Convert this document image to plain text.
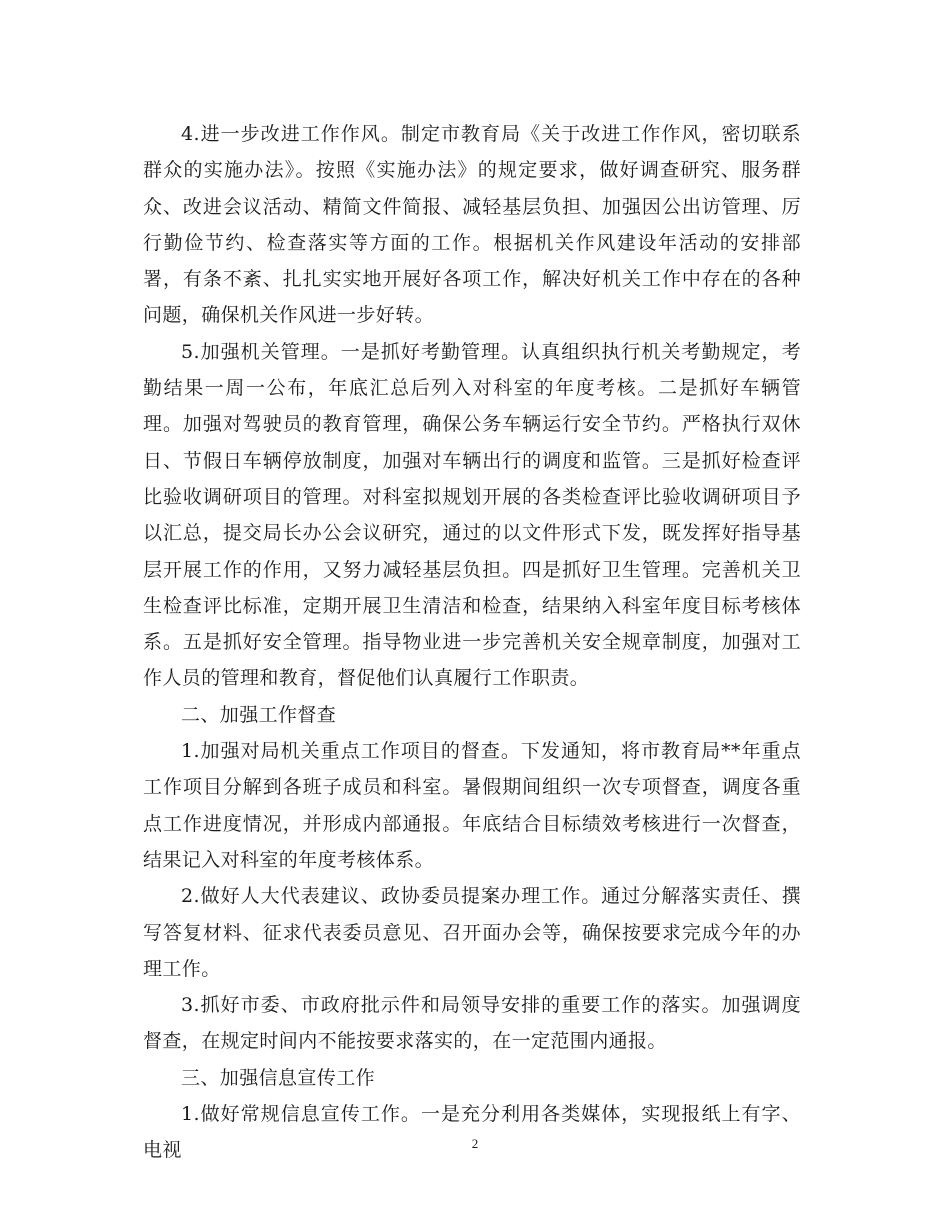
4.进一步改进工作作风。制定市教育局《关于改进工作作风，密切联系群众的实施办法》。按照《实施办法》的规定要求，做好调查研究、服务群众、改进会议活动、精简文件简报、减轻基层负担、加强因公出访管理、厉行勤俭节约、检查落实等方面的工作。根据机关作风建设年活动的安排部署，有条不紊、扎扎实实地开展好各项工作，解决好机关工作中存在的各种问题，确保机关作风进一步好转。

5.加强机关管理。一是抓好考勤管理。认真组织执行机关考勤规定，考勤结果一周一公布，年底汇总后列入对科室的年度考核。二是抓好车辆管理。加强对驾驶员的教育管理，确保公务车辆运行安全节约。严格执行双休日、节假日车辆停放制度，加强对车辆出行的调度和监管。三是抓好检查评比验收调研项目的管理。对科室拟规划开展的各类检查评比验收调研项目予以汇总，提交局长办公会议研究，通过的以文件形式下发，既发挥好指导基层开展工作的作用，又努力减轻基层负担。四是抓好卫生管理。完善机关卫生检查评比标准，定期开展卫生清洁和检查，结果纳入科室年度目标考核体系。五是抓好安全管理。指导物业进一步完善机关安全规章制度，加强对工作人员的管理和教育，督促他们认真履行工作职责。

二、加强工作督查

1.加强对局机关重点工作项目的督查。下发通知，将市教育局**年重点工作项目分解到各班子成员和科室。暑假期间组织一次专项督查，调度各重点工作进度情况，并形成内部通报。年底结合目标绩效考核进行一次督查，结果记入对科室的年度考核体系。

2.做好人大代表建议、政协委员提案办理工作。通过分解落实责任、撰写答复材料、征求代表委员意见、召开面办会等，确保按要求完成今年的办理工作。

3.抓好市委、市政府批示件和局领导安排的重要工作的落实。加强调度督查，在规定时间内不能按要求落实的，在一定范围内通报。

三、加强信息宣传工作

1.做好常规信息宣传工作。一是充分利用各类媒体，实现报纸上有字、电视	2
